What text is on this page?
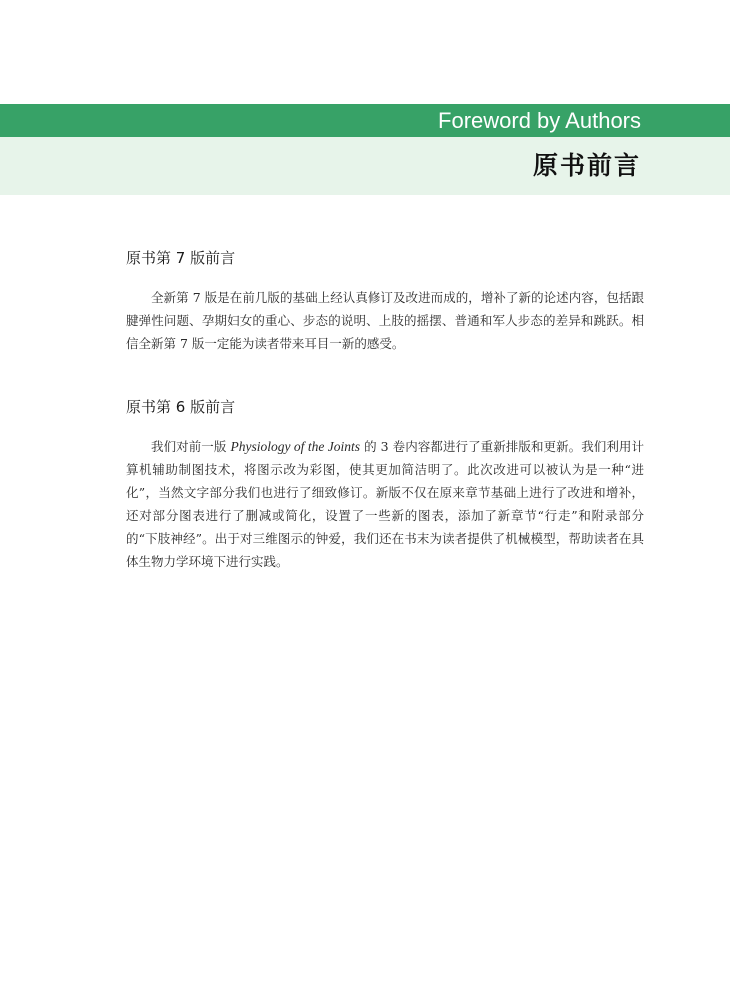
Foreword by Authors
原书前言
原书第 7 版前言

全新第 7 版是在前几版的基础上经认真修订及改进而成的，增补了新的论述内容，包括跟腱弹性问题、孕期妇女的重心、步态的说明、上肢的摇摆、普通和军人步态的差异和跳跃。相信全新第 7 版一定能为读者带来耳目一新的感受。

原书第 6 版前言

我们对前一版 Physiology of the Joints 的 3 卷内容都进行了重新排版和更新。我们利用计算机辅助制图技术，将图示改为彩图，使其更加简洁明了。此次改进可以被认为是一种“进化”，当然文字部分我们也进行了细致修订。新版不仅在原来章节基础上进行了改进和增补，还对部分图表进行了删减或简化，设置了一些新的图表，添加了新章节“行走”和附录部分的“下肢神经”。出于对三维图示的钟爱，我们还在书末为读者提供了机械模型，帮助读者在具体生物力学环境下进行实践。
